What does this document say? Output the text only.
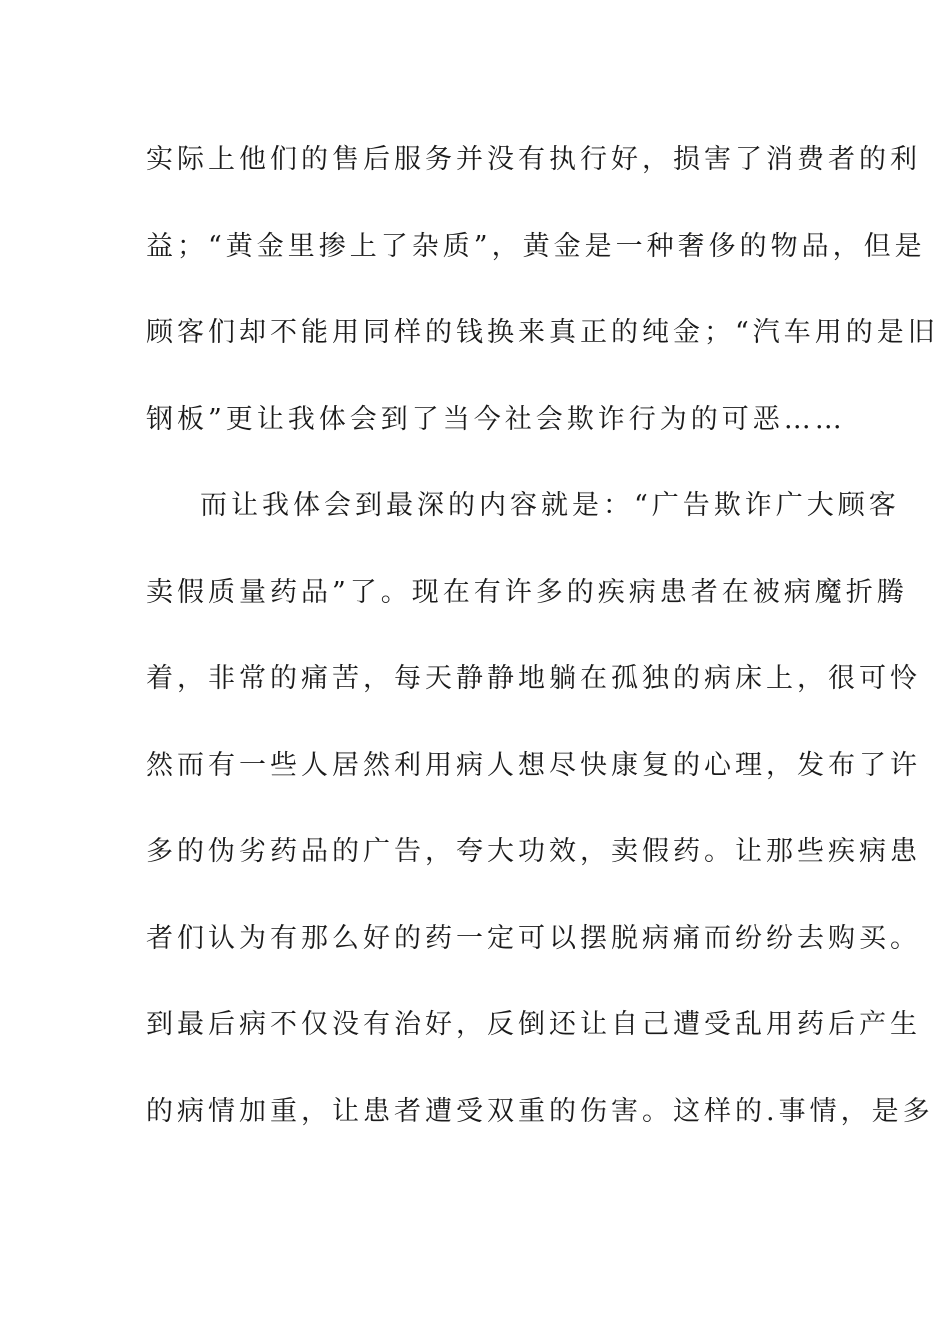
实际上他们的售后服务并没有执行好，损害了消费者的利
益；“黄金里掺上了杂质”，黄金是一种奢侈的物品，但是
顾客们却不能用同样的钱换来真正的纯金；“汽车用的是旧
钢板”更让我体会到了当今社会欺诈行为的可恶……
而让我体会到最深的内容就是：“广告欺诈广大顾客
卖假质量药品”了。现在有许多的疾病患者在被病魔折腾
着，非常的痛苦，每天静静地躺在孤独的病床上，很可怜
然而有一些人居然利用病人想尽快康复的心理，发布了许
多的伪劣药品的广告，夸大功效，卖假药。让那些疾病患
者们认为有那么好的药一定可以摆脱病痛而纷纷去购买。
到最后病不仅没有治好，反倒还让自己遭受乱用药后产生
的病情加重，让患者遭受双重的伤害。这样的.事情，是多
